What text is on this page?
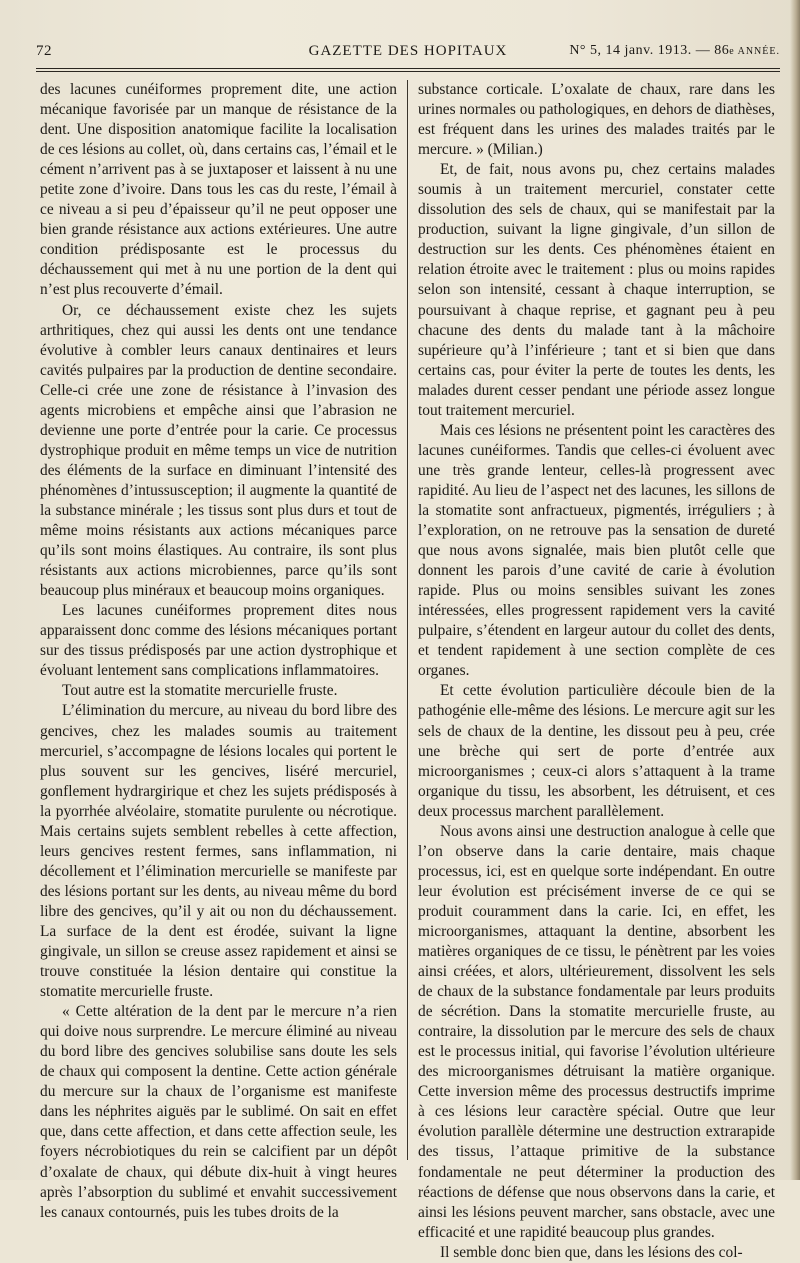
72	GAZETTE DES HOPITAUX	N° 5, 14 janv. 1913. — 86e ANNÉE.

des lacunes cunéiformes proprement dite, une action mécanique favorisée par un manque de résistance de la dent. Une disposition anatomique facilite la localisation de ces lésions au collet, où, dans certains cas, l’émail et le cément n’arrivent pas à se juxtaposer et laissent à nu une petite zone d’ivoire. Dans tous les cas du reste, l’émail à ce niveau a si peu d’épaisseur qu’il ne peut opposer une bien grande résistance aux actions extérieures. Une autre condition prédisposante est le processus du déchaussement qui met à nu une portion de la dent qui n’est plus recouverte d’émail.

Or, ce déchaussement existe chez les sujets arthritiques, chez qui aussi les dents ont une tendance évolutive à combler leurs canaux dentinaires et leurs cavités pulpaires par la production de dentine secondaire. Celle-ci crée une zone de résistance à l’invasion des agents microbiens et empêche ainsi que l’abrasion ne devienne une porte d’entrée pour la carie. Ce processus dystrophique produit en même temps un vice de nutrition des éléments de la surface en diminuant l’intensité des phénomènes d’intussusception; il augmente la quantité de la substance minérale ; les tissus sont plus durs et tout de même moins résistants aux actions mécaniques parce qu’ils sont moins élastiques. Au contraire, ils sont plus résistants aux actions microbiennes, parce qu’ils sont beaucoup plus minéraux et beaucoup moins organiques.

Les lacunes cunéiformes proprement dites nous apparaissent donc comme des lésions mécaniques portant sur des tissus prédisposés par une action dystrophique et évoluant lentement sans complications inflammatoires.

Tout autre est la stomatite mercurielle fruste.

L’élimination du mercure, au niveau du bord libre des gencives, chez les malades soumis au traitement mercuriel, s’accompagne de lésions locales qui portent le plus souvent sur les gencives, liséré mercuriel, gonflement hydrargirique et chez les sujets prédisposés à la pyorrhée alvéolaire, stomatite purulente ou nécrotique. Mais certains sujets semblent rebelles à cette affection, leurs gencives restent fermes, sans inflammation, ni décollement et l’élimination mercurielle se manifeste par des lésions portant sur les dents, au niveau même du bord libre des gencives, qu’il y ait ou non du déchaussement. La surface de la dent est érodée, suivant la ligne gingivale, un sillon se creuse assez rapidement et ainsi se trouve constituée la lésion dentaire qui constitue la stomatite mercurielle fruste.

« Cette altération de la dent par le mercure n’a rien qui doive nous surprendre. Le mercure éliminé au niveau du bord libre des gencives solubilise sans doute les sels de chaux qui composent la dentine. Cette action générale du mercure sur la chaux de l’organisme est manifeste dans les néphrites aiguës par le sublimé. On sait en effet que, dans cette affection, et dans cette affection seule, les foyers nécrobiotiques du rein se calcifient par un dépôt d’oxalate de chaux, qui débute dix-huit à vingt heures après l’absorption du sublimé et envahit successivement les canaux contournés, puis les tubes droits de la

substance corticale. L’oxalate de chaux, rare dans les urines normales ou pathologiques, en dehors de diathèses, est fréquent dans les urines des malades traités par le mercure. » (Milian.)

Et, de fait, nous avons pu, chez certains malades soumis à un traitement mercuriel, constater cette dissolution des sels de chaux, qui se manifestait par la production, suivant la ligne gingivale, d’un sillon de destruction sur les dents. Ces phénomènes étaient en relation étroite avec le traitement : plus ou moins rapides selon son intensité, cessant à chaque interruption, se poursuivant à chaque reprise, et gagnant peu à peu chacune des dents du malade tant à la mâchoire supérieure qu’à l’inférieure ; tant et si bien que dans certains cas, pour éviter la perte de toutes les dents, les malades durent cesser pendant une période assez longue tout traitement mercuriel.

Mais ces lésions ne présentent point les caractères des lacunes cunéiformes. Tandis que celles-ci évoluent avec une très grande lenteur, celles-là progressent avec rapidité. Au lieu de l’aspect net des lacunes, les sillons de la stomatite sont anfractueux, pigmentés, irréguliers ; à l’exploration, on ne retrouve pas la sensation de dureté que nous avons signalée, mais bien plutôt celle que donnent les parois d’une cavité de carie à évolution rapide. Plus ou moins sensibles suivant les zones intéressées, elles progressent rapidement vers la cavité pulpaire, s’étendent en largeur autour du collet des dents, et tendent rapidement à une section complète de ces organes.

Et cette évolution particulière découle bien de la pathogénie elle-même des lésions. Le mercure agit sur les sels de chaux de la dentine, les dissout peu à peu, crée une brèche qui sert de porte d’entrée aux microorganismes ; ceux-ci alors s’attaquent à la trame organique du tissu, les absorbent, les détruisent, et ces deux processus marchent parallèlement.

Nous avons ainsi une destruction analogue à celle que l’on observe dans la carie dentaire, mais chaque processus, ici, est en quelque sorte indépendant. En outre leur évolution est précisément inverse de ce qui se produit couramment dans la carie. Ici, en effet, les microorganismes, attaquant la dentine, absorbent les matières organiques de ce tissu, le pénètrent par les voies ainsi créées, et alors, ultérieurement, dissolvent les sels de chaux de la substance fondamentale par leurs produits de sécrétion. Dans la stomatite mercurielle fruste, au contraire, la dissolution par le mercure des sels de chaux est le processus initial, qui favorise l’évolution ultérieure des microorganismes détruisant la matière organique. Cette inversion même des processus destructifs imprime à ces lésions leur caractère spécial. Outre que leur évolution parallèle détermine une destruction extrarapide des tissus, l’attaque primitive de la substance fondamentale ne peut déterminer la production des réactions de défense que nous observons dans la carie, et ainsi les lésions peuvent marcher, sans obstacle, avec une efficacité et une rapidité beaucoup plus grandes.

Il semble donc bien que, dans les lésions des col-
